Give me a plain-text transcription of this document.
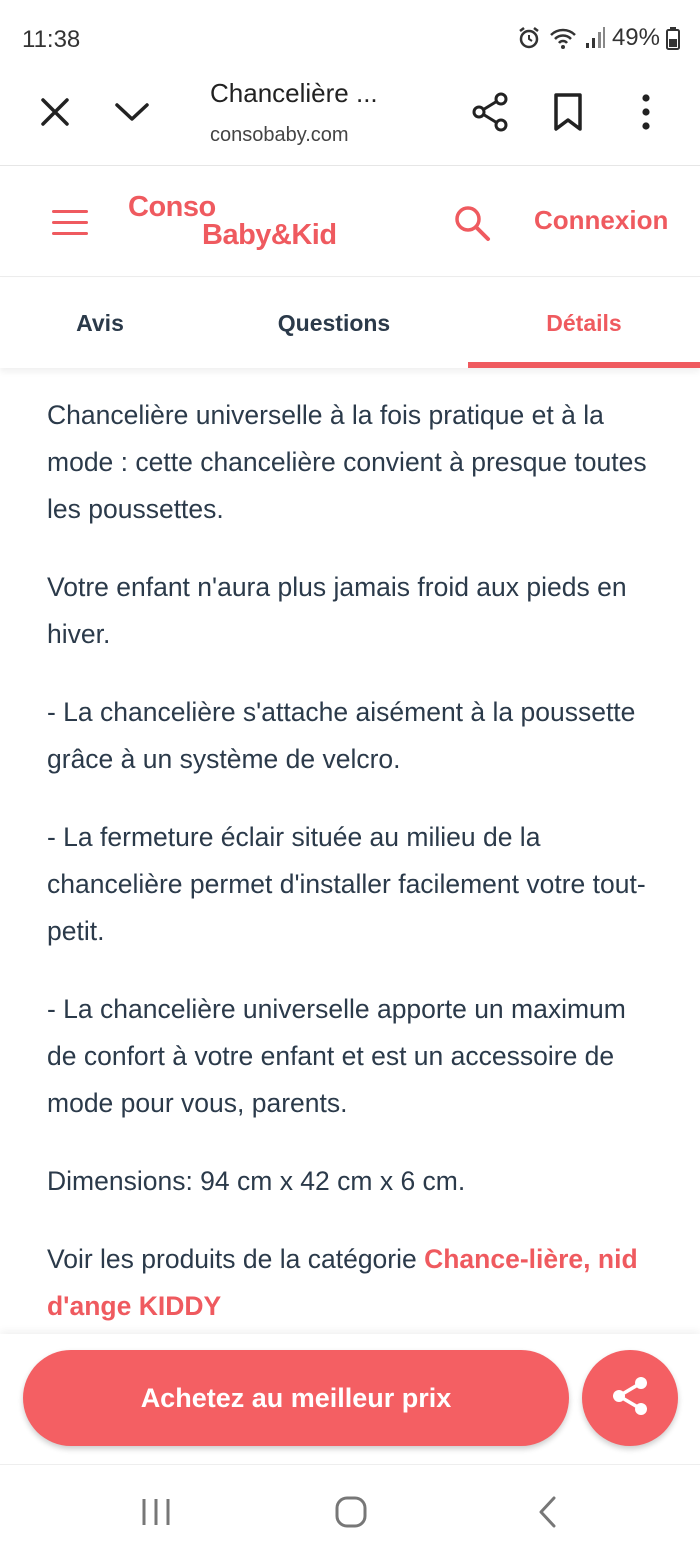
11:38	49%
Chancelière ...
consobaby.com
Conso
Baby&Kid	Connexion
Avis	Questions	Détails

Chancelière universelle à la fois pratique et à la mode : cette chancelière convient à presque toutes les poussettes.

Votre enfant n'aura plus jamais froid aux pieds en hiver.

- La chancelière s'attache aisément à la poussette grâce à un système de velcro.

- La fermeture éclair située au milieu de la chancelière permet d'installer facilement votre tout-petit.

- La chancelière universelle apporte un maximum de confort à votre enfant et est un accessoire de mode pour vous, parents.

Dimensions: 94 cm x 42 cm x 6 cm.

Voir les produits de la catégorie Chance-lière, nid d'ange KIDDY

Achetez au meilleur prix
